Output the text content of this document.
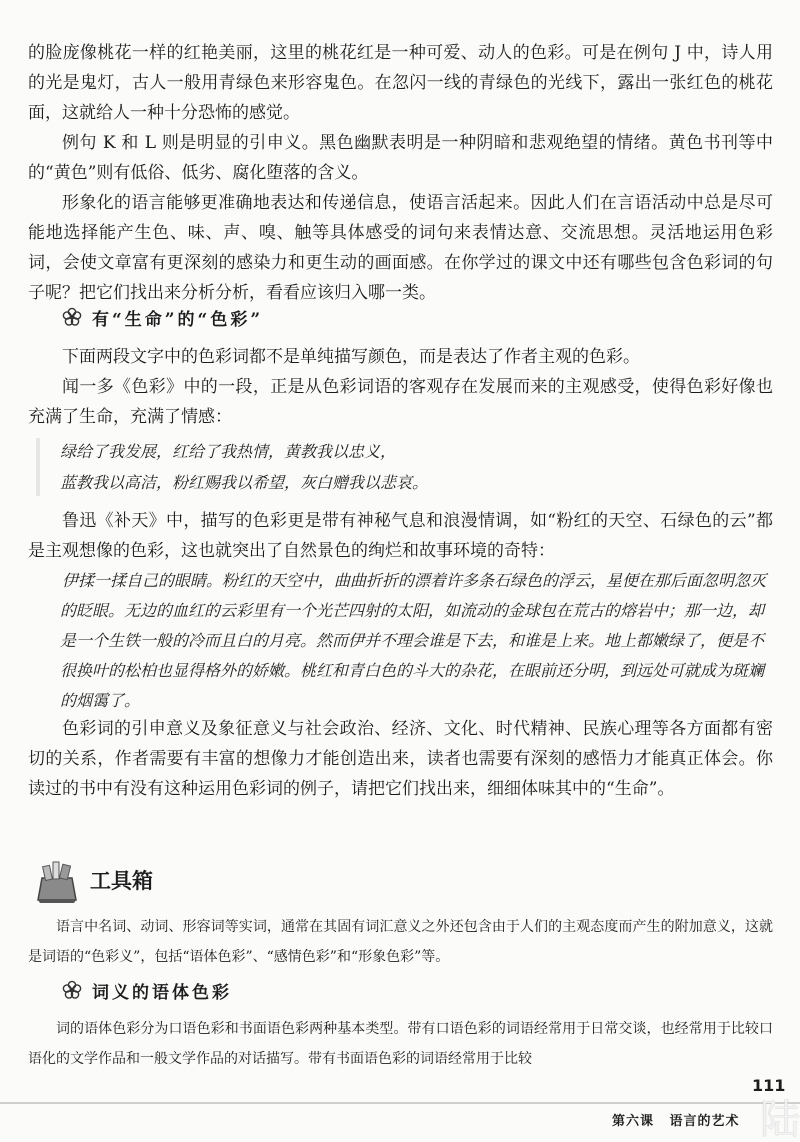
的脸庞像桃花一样的红艳美丽，这里的桃花红是一种可爱、动人的色彩。可是在例句 J 中，诗人用的光是鬼灯，古人一般用青绿色来形容鬼色。在忽闪一线的青绿色的光线下，露出一张红色的桃花面，这就给人一种十分恐怖的感觉。

例句 K 和 L 则是明显的引申义。黑色幽默表明是一种阴暗和悲观绝望的情绪。黄色书刊等中的“黄色”则有低俗、低劣、腐化堕落的含义。

形象化的语言能够更准确地表达和传递信息，使语言活起来。因此人们在言语活动中总是尽可能地选择能产生色、味、声、嗅、触等具体感受的词句来表情达意、交流思想。灵活地运用色彩词，会使文章富有更深刻的感染力和更生动的画面感。在你学过的课文中还有哪些包含色彩词的句子呢？把它们找出来分析分析，看看应该归入哪一类。

有“生命”的“色彩”

下面两段文字中的色彩词都不是单纯描写颜色，而是表达了作者主观的色彩。

闻一多《色彩》中的一段，正是从色彩词语的客观存在发展而来的主观感受，使得色彩好像也充满了生命，充满了情感：

绿给了我发展，红给了我热情，黄教我以忠义，
蓝教我以高洁，粉红赐我以希望，灰白赠我以悲哀。

鲁迅《补天》中，描写的色彩更是带有神秘气息和浪漫情调，如“粉红的天空、石绿色的云”都是主观想像的色彩，这也就突出了自然景色的绚烂和故事环境的奇特：

伊揉一揉自己的眼睛。粉红的天空中，曲曲折折的漂着许多条石绿色的浮云，星便在那后面忽明忽灭的眨眼。无边的血红的云彩里有一个光芒四射的太阳，如流动的金球包在荒古的熔岩中；那一边，却是一个生铁一般的冷而且白的月亮。然而伊并不理会谁是下去，和谁是上来。地上都嫩绿了，便是不很换叶的松柏也显得格外的娇嫩。桃红和青白色的斗大的杂花，在眼前还分明，到远处可就成为斑斓的烟霭了。

色彩词的引申意义及象征意义与社会政治、经济、文化、时代精神、民族心理等各方面都有密切的关系，作者需要有丰富的想像力才能创造出来，读者也需要有深刻的感悟力才能真正体会。你读过的书中有没有这种运用色彩词的例子，请把它们找出来，细细体味其中的“生命”。

工具箱

语言中名词、动词、形容词等实词，通常在其固有词汇意义之外还包含由于人们的主观态度而产生的附加意义，这就是词语的“色彩义”，包括“语体色彩”、“感情色彩”和“形象色彩”等。

词义的语体色彩

词的语体色彩分为口语色彩和书面语色彩两种基本类型。带有口语色彩的词语经常用于日常交谈，也经常用于比较口语化的文学作品和一般文学作品的对话描写。带有书面语色彩的词语经常用于比较

111
第六课 语言的艺术 陆
